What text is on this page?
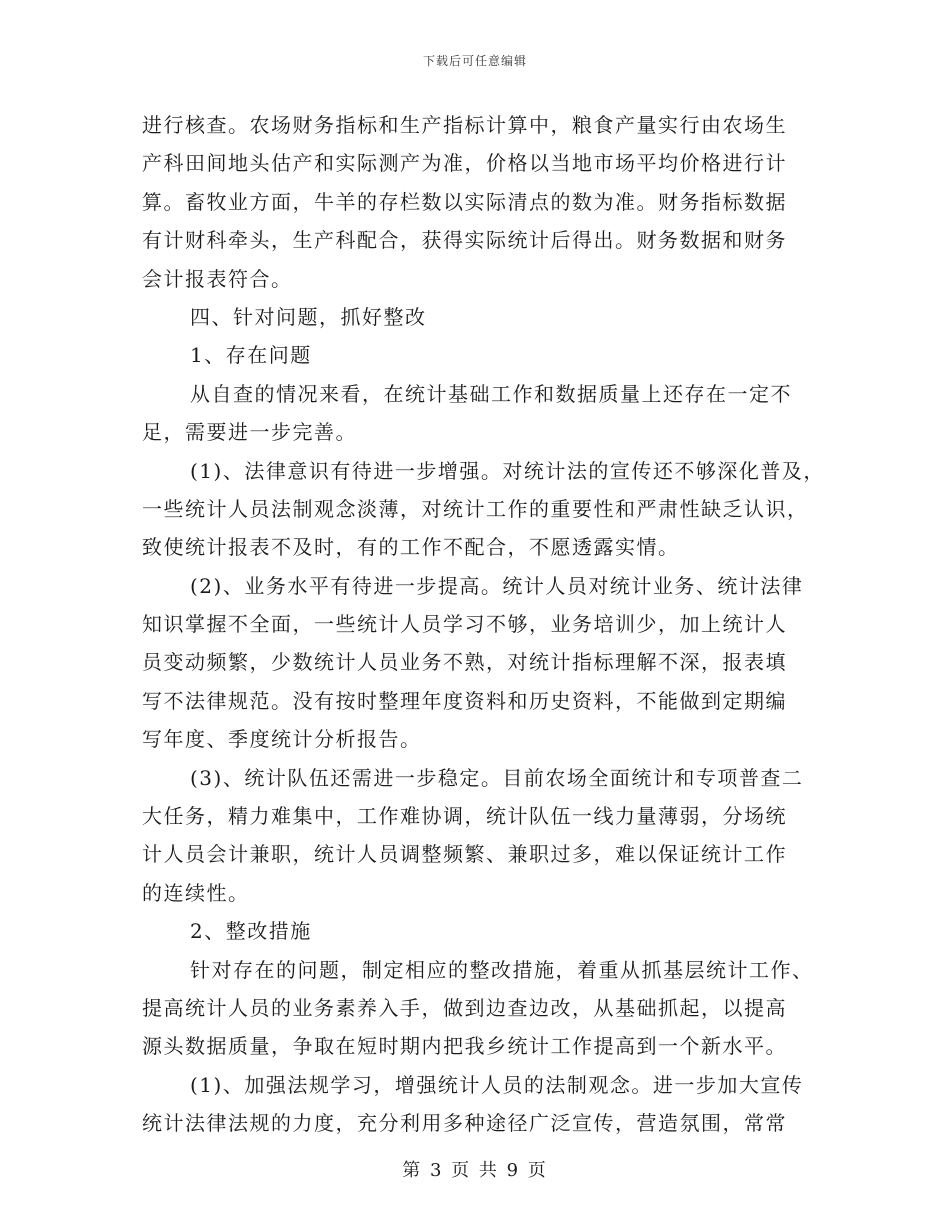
下载后可任意编辑
进行核查。农场财务指标和生产指标计算中，粮食产量实行由农场生
产科田间地头估产和实际测产为准，价格以当地市场平均价格进行计
算。畜牧业方面，牛羊的存栏数以实际清点的数为准。财务指标数据
有计财科牵头，生产科配合，获得实际统计后得出。财务数据和财务
会计报表符合。
四、针对问题，抓好整改
1、存在问题
从自查的情况来看，在统计基础工作和数据质量上还存在一定不
足，需要进一步完善。
(1)、法律意识有待进一步增强。对统计法的宣传还不够深化普及，
一些统计人员法制观念淡薄，对统计工作的重要性和严肃性缺乏认识，
致使统计报表不及时，有的工作不配合，不愿透露实情。
(2)、业务水平有待进一步提高。统计人员对统计业务、统计法律
知识掌握不全面，一些统计人员学习不够，业务培训少，加上统计人
员变动频繁，少数统计人员业务不熟，对统计指标理解不深，报表填
写不法律规范。没有按时整理年度资料和历史资料，不能做到定期编
写年度、季度统计分析报告。
(3)、统计队伍还需进一步稳定。目前农场全面统计和专项普查二
大任务，精力难集中，工作难协调，统计队伍一线力量薄弱，分场统
计人员会计兼职，统计人员调整频繁、兼职过多，难以保证统计工作
的连续性。
2、整改措施
针对存在的问题，制定相应的整改措施，着重从抓基层统计工作、
提高统计人员的业务素养入手，做到边查边改，从基础抓起，以提高
源头数据质量，争取在短时期内把我乡统计工作提高到一个新水平。
(1)、加强法规学习，增强统计人员的法制观念。进一步加大宣传
统计法律法规的力度，充分利用多种途径广泛宣传，营造氛围，常常
第 3 页 共 9 页
